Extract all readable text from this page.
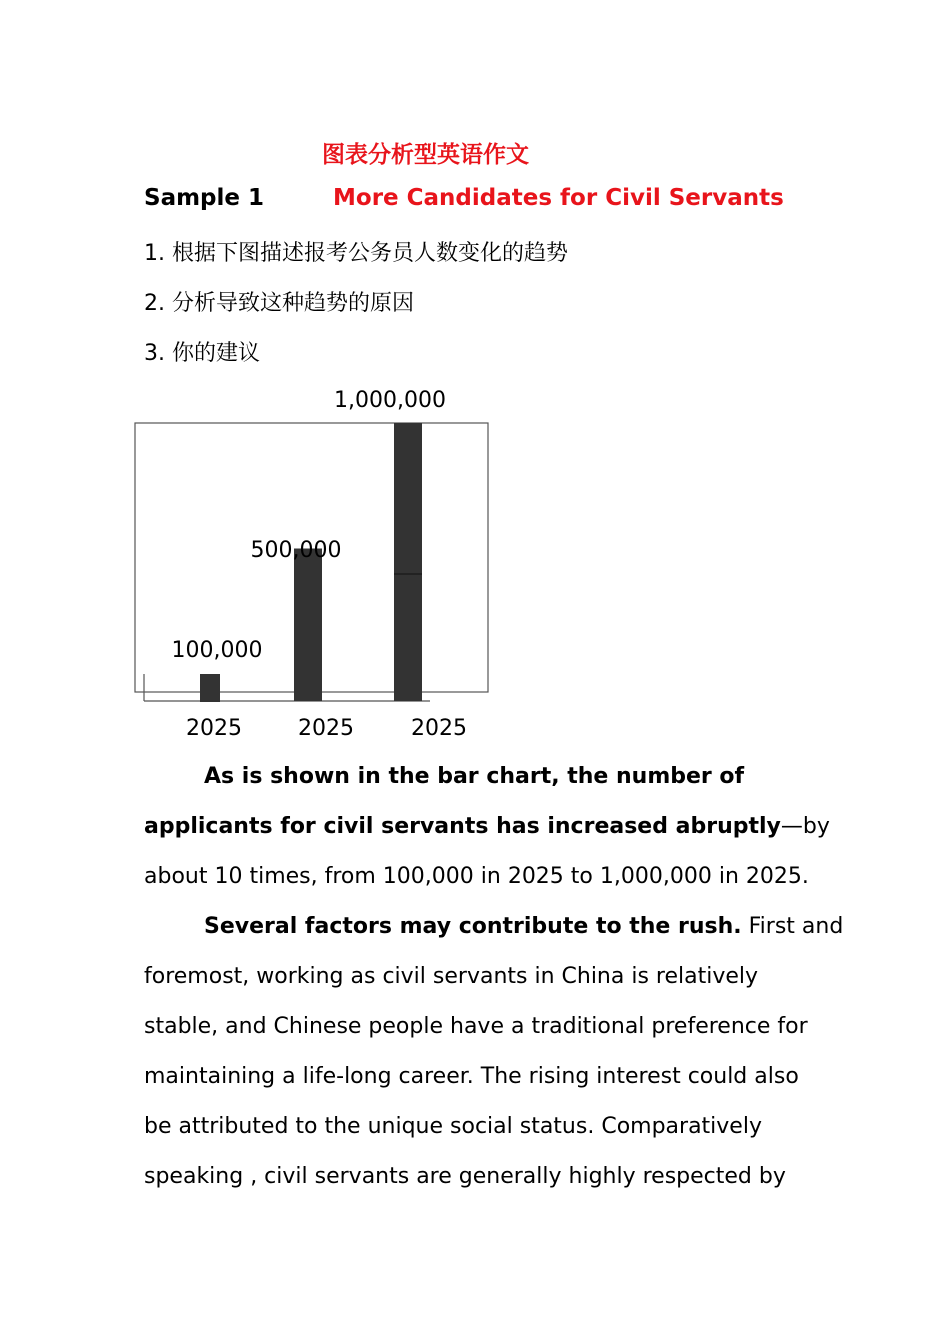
图表分析型英语作文
Sample 1	More Candidates for Civil Servants
1. 根据下图描述报考公务员人数变化的趋势
2. 分析导致这种趋势的原因
3. 你的建议
100,000
500,000
1,000,000
2025	2025	2025
As is shown in the bar chart, the number of
applicants for civil servants has increased abruptly—by
about 10 times, from 100,000 in 2025 to 1,000,000 in 2025.
Several factors may contribute to the rush. First and
foremost, working as civil servants in China is relatively
stable, and Chinese people have a traditional preference for
maintaining a life-long career. The rising interest could also
be attributed to the unique social status. Comparatively
speaking , civil servants are generally highly respected by
